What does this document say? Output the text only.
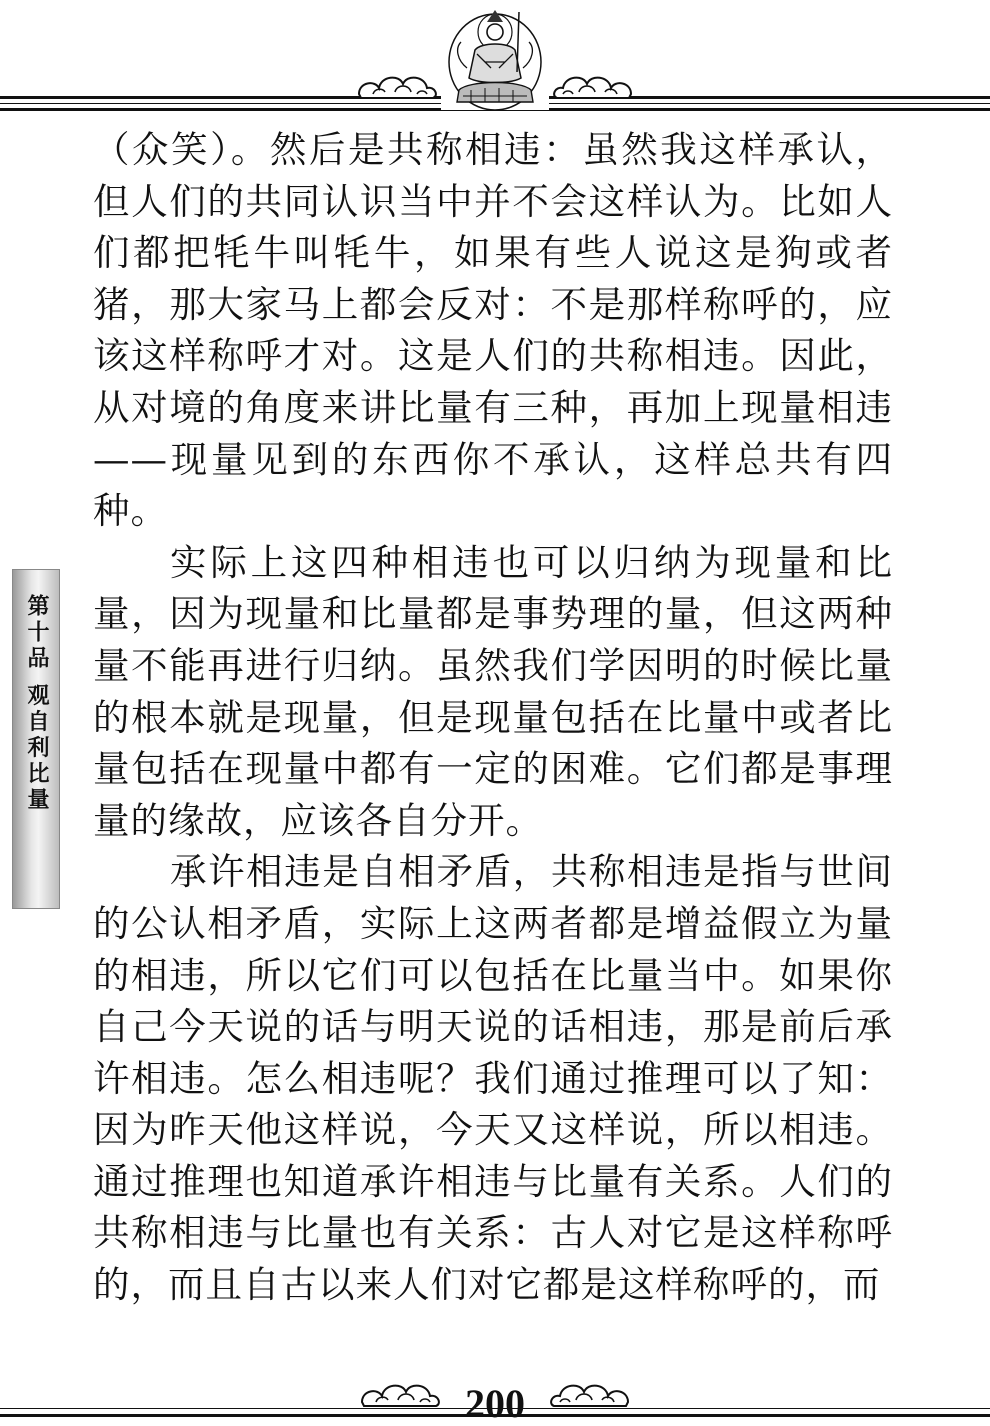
第十品 观自利比量

（众笑）。然后是共称相违：虽然我这样承认，但人们的共同认识当中并不会这样认为。比如人们都把牦牛叫牦牛，如果有些人说这是狗或者猪，那大家马上都会反对：不是那样称呼的，应该这样称呼才对。这是人们的共称相违。因此，从对境的角度来讲比量有三种，再加上现量相违——现量见到的东西你不承认，这样总共有四种。

实际上这四种相违也可以归纳为现量和比量，因为现量和比量都是事势理的量，但这两种量不能再进行归纳。虽然我们学因明的时候比量的根本就是现量，但是现量包括在比量中或者比量包括在现量中都有一定的困难。它们都是事理量的缘故，应该各自分开。

承许相违是自相矛盾，共称相违是指与世间的公认相矛盾，实际上这两者都是增益假立为量的相违，所以它们可以包括在比量当中。如果你自己今天说的话与明天说的话相违，那是前后承许相违。怎么相违呢？我们通过推理可以了知：因为昨天他这样说，今天又这样说，所以相违。通过推理也知道承许相违与比量有关系。人们的共称相违与比量也有关系：古人对它是这样称呼的，而且自古以来人们对它都是这样称呼的，而

200
